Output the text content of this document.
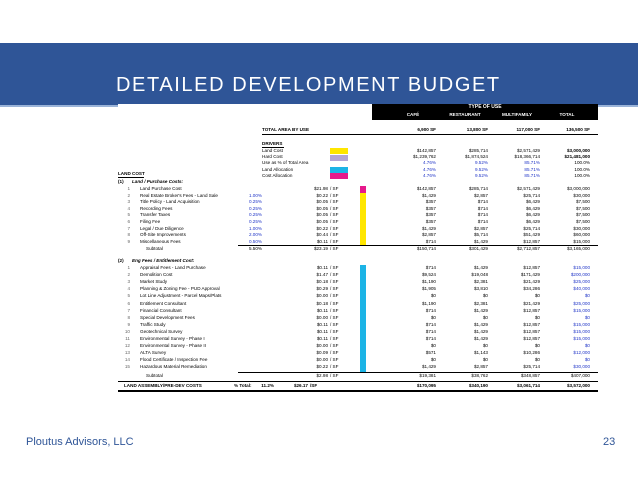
DETAILED DEVELOPMENT BUDGET
TYPE OF USE
CAFÉ	RESTAURANT	MULTIFAMILY	TOTAL
TOTAL AREA BY USE	6,900 SF	13,800 SF	117,000 SF	136,500 SF
DRIVERS
Land Cost	$142,857	$285,714	$2,571,429	$3,000,000
Hard Cost	$1,239,762	$1,874,524	$18,366,714	$21,481,000
Use as % of Total Area	4.76%	9.52%	85.71%	100.0%
Land Allocation	4.76%	9.52%	85.71%	100.0%
Cost Allocation	4.76%	9.52%	85.71%	100.0%
LAND COST
(1) Land / Purchase Costs:
1 Land Purchase Cost	$21.98 / SF	$142,857	$285,714	$2,571,429	$3,000,000
2 Real Estate Broker's Fees - Land Sale	1.00%	$0.22 / SF	$1,429	$2,857	$25,714	$30,000
3 Title Policy - Land Acquisition	0.25%	$0.05 / SF	$357	$714	$6,429	$7,500
4 Recording Fees	0.25%	$0.05 / SF	$357	$714	$6,429	$7,500
5 Transfer Taxes	0.25%	$0.05 / SF	$357	$714	$6,429	$7,500
6 Filing Fee	0.25%	$0.05 / SF	$357	$714	$6,429	$7,500
7 Legal / Due Diligence	1.00%	$0.22 / SF	$1,429	$2,857	$25,714	$30,000
8 Off-Site Improvements	2.00%	$0.44 / SF	$2,857	$5,714	$51,429	$60,000
9 Miscellaneous Fees	0.50%	$0.11 / SF	$714	$1,429	$12,857	$15,000
Subtotal	5.50%	$23.19 / SF	$150,714	$301,429	$2,712,857	$3,165,000
(2) Eng Fees / Entitlement Cost:
1 Appraisal Fees - Land Purchase	$0.11 / SF	$714	$1,429	$12,857	$15,000
2 Demolition Cost	$1.47 / SF	$9,524	$19,048	$171,429	$200,000
3 Market Study	$0.18 / SF	$1,190	$2,381	$21,429	$25,000
4 Planning & Zoning Fee - PUD Approval	$0.29 / SF	$1,905	$3,810	$34,286	$40,000
5 Lot Line Adjustment - Parcel Maps/Plats	$0.00 / SF	$0	$0	$0	$0
6 Entitlement Consultant	$0.18 / SF	$1,190	$2,381	$21,429	$25,000
7 Financial Consultant	$0.11 / SF	$714	$1,429	$12,857	$15,000
8 Special Development Fees	$0.00 / SF	$0	$0	$0	$0
9 Traffic Study	$0.11 / SF	$714	$1,429	$12,857	$15,000
10 Geotechnical Survey	$0.11 / SF	$714	$1,429	$12,857	$15,000
11 Environmental Survey - Phase I	$0.11 / SF	$714	$1,429	$12,857	$15,000
12 Environmental Survey - Phase II	$0.00 / SF	$0	$0	$0	$0
13 ALTA Survey	$0.09 / SF	$571	$1,143	$10,286	$12,000
14 Flood Certificate / Inspection Fee	$0.00 / SF	$0	$0	$0	$0
15 Hazardous Material Remediation	$0.22 / SF	$1,429	$2,857	$25,714	$30,000
Subtotal	$2.98 / SF	$19,381	$38,762	$348,857	$407,000
LAND ASSEMBLY/PRE-DEV COSTS	% Total:	11.2%	$26.17 /SF	$170,095	$340,190	$3,061,714	$3,572,000
Ploutus Advisors, LLC	23
